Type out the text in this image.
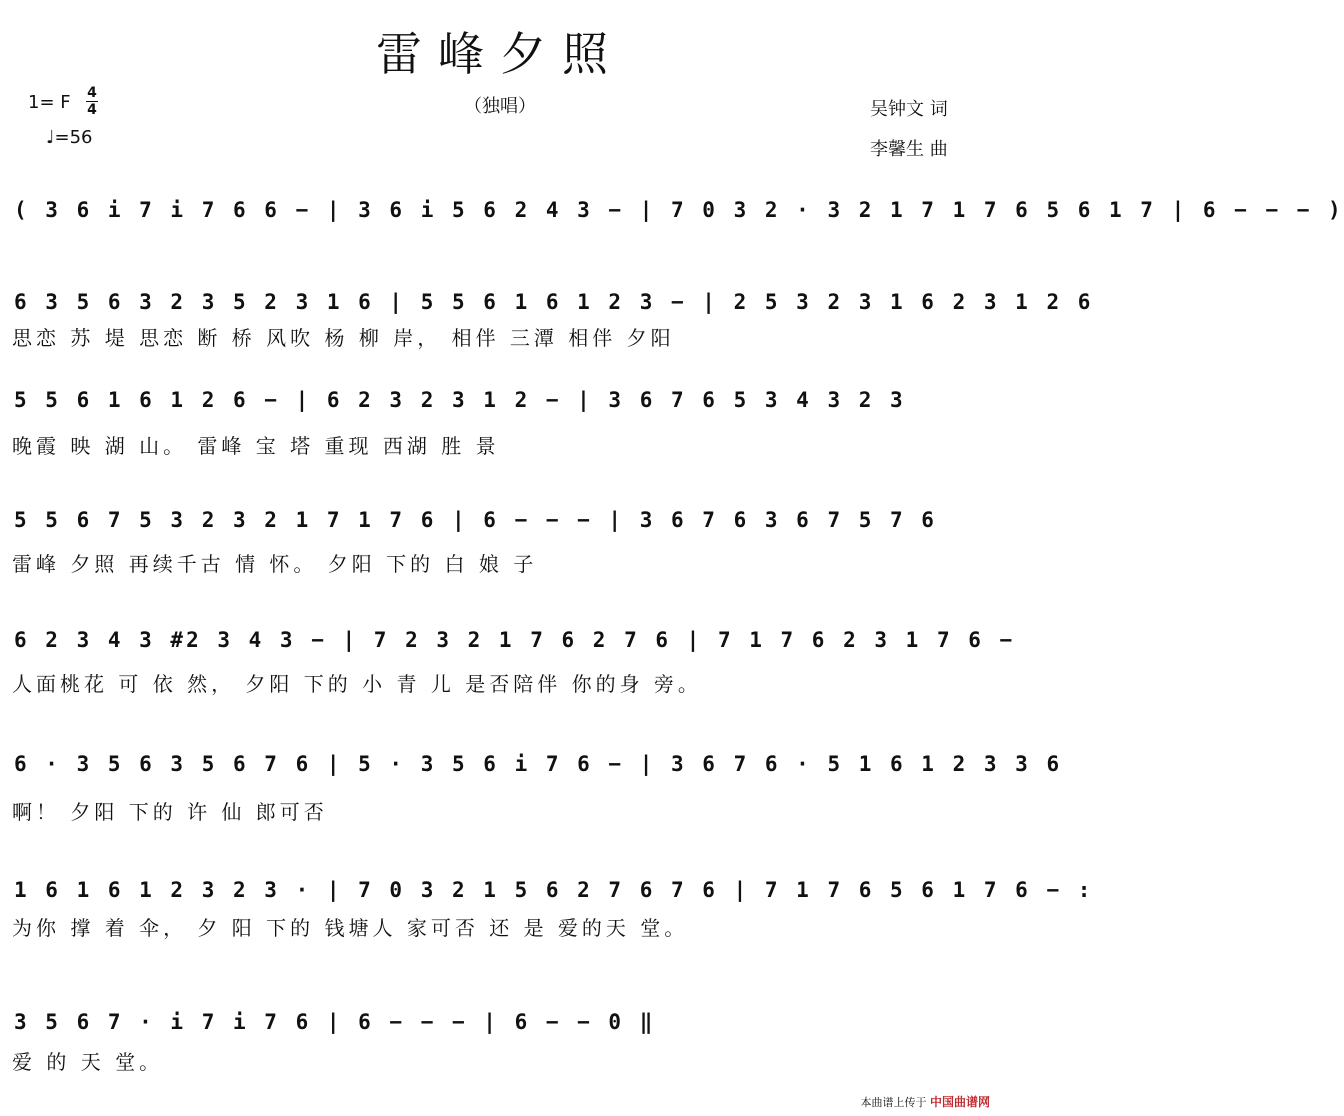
雷峰夕照
1= F 4
4
♩=56
（独唱）	吴钟文 词
李馨生 曲
( 3 6 i 7 i 7 6 6 − | 3 6 i 5 6 2 4 3 − | 7 0 3 2 · 3 2 1 7 1 7 6 5 6 1 7 | 6 − − − )
6 3 5 6 3 2 3 5 2 3 1 6 | 5 5 6 1 6 1 2 3 − | 2 5 3 2 3 1 6 2 3 1 2 6
思恋 苏 堤 思恋 断 桥 风吹 杨 柳 岸， 相伴 三潭 相伴 夕阳
5 5 6 1 6 1 2 6 − | 6 2 3 2 3 1 2 − | 3 6 7 6 5 3 4 3 2 3
晚霞 映 湖 山。 雷峰 宝 塔 重现 西湖 胜 景
5 5 6 7 5 3 2 3 2 1 7 1 7 6 | 6 − − − | 3 6 7 6 3 6 7 5 7 6
雷峰 夕照 再续千古 情 怀。 夕阳 下的 白 娘 子
6 2 3 4 3 #2 3 4 3 − | 7 2 3 2 1 7 6 2 7 6 | 7 1 7 6 2 3 1 7 6 −
人面桃花 可 依 然， 夕阳 下的 小 青 儿 是否陪伴 你的身 旁。
6 · 3 5 6 3 5 6 7 6 | 5 · 3 5 6 i 7 6 − | 3 6 7 6 · 5 1 6 1 2 3 3 6
啊！ 夕阳 下的 许 仙 郎可否
1 6 1 6 1 2 3 2 3 · | 7 0 3 2 1 5 6 2 7 6 7 6 | 7 1 7 6 5 6 1 7 6 − :
为你 撑 着 伞， 夕 阳 下的 钱塘人 家可否 还 是 爱的天 堂。
3 5 6 7 · i 7 i 7 6 | 6 − − − | 6 − − 0 ‖
爱 的 天 堂。
本曲谱上传于 中国曲谱网
